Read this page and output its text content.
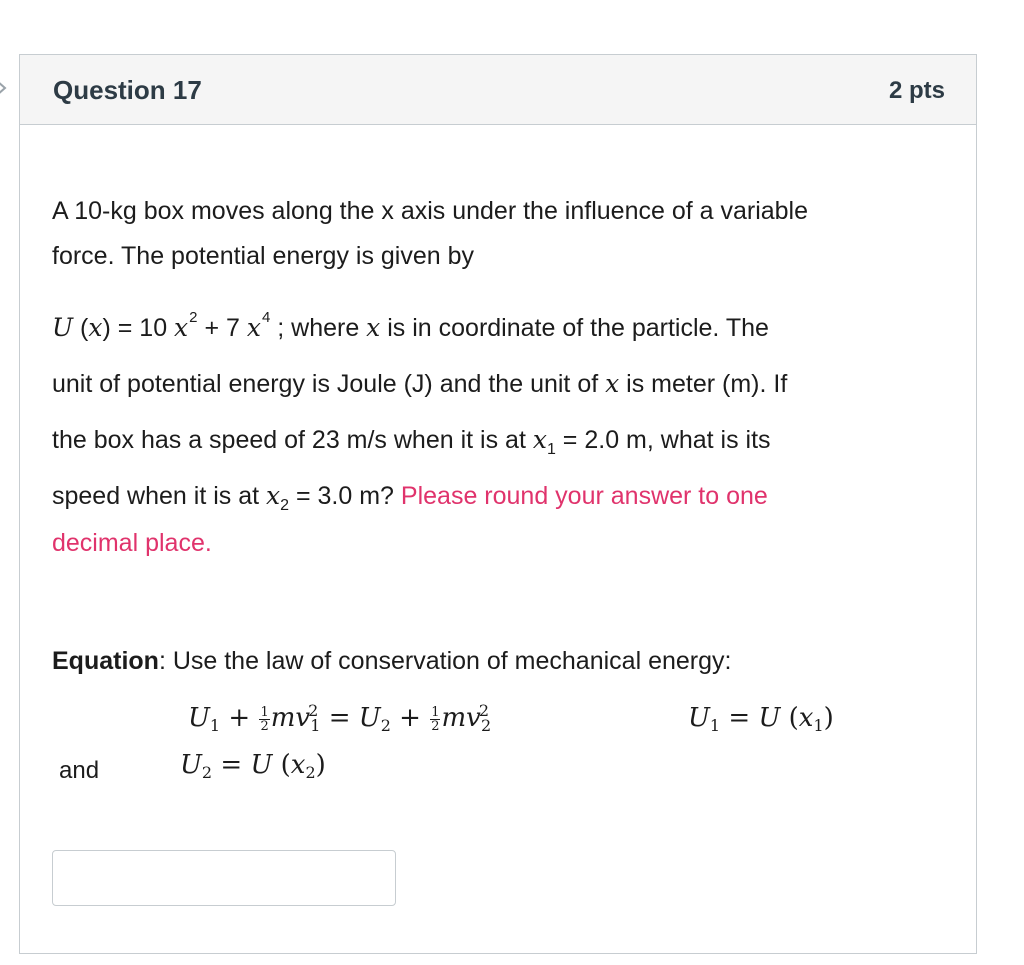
Question 17	2 pts
A 10-kg box moves along the x axis under the influence of a variable
force. The potential energy is given by
U (x) = 10 $x^2 + 7$ $x^4$ ; where x is in coordinate of the particle. The
unit of potential energy is Joule (J) and the unit of x is meter (m). If
the box has a speed of 23 m/s when it is at $x_1 = 2.0$ m, what is its
speed when it is at $x_2 = 3.0$ m? Please round your answer to one
decimal place.
Equation: Use the law of conservation of mechanical energy:
$U1 + \frac{1}{2} mv^21 = U2 + \frac{1}{2} mv^22$	U1 = U (x1)
and	U2 = U (x2)
